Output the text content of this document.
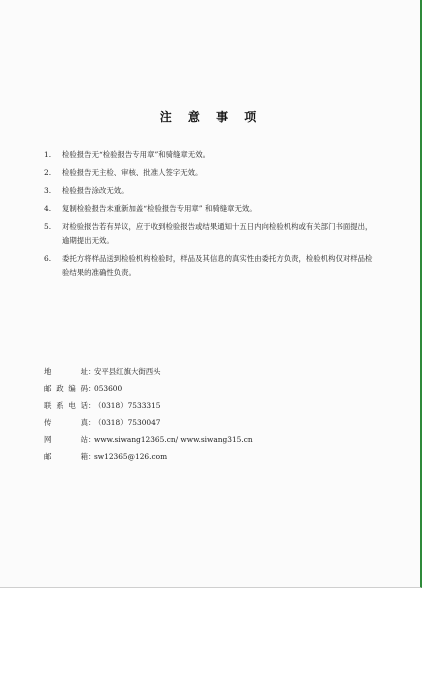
注 意 事 项
1. 检验报告无“检验报告专用章”和骑缝章无效。
2. 检验报告无主检、审核、批准人签字无效。
3. 检验报告涂改无效。
4. 复制检验报告未重新加盖“检验报告专用章” 和骑缝章无效。
5. 对检验报告若有异议，应于收到检验报告或结果通知十五日内向检验机构或有关部门书面提出，逾期提出无效。
6. 委托方将样品送到检验机构检验时，样品及其信息的真实性由委托方负责，检验机构仅对样品检验结果的准确性负责。
地 址 ：
安平县红旗大街西头
邮政编码 ：
053600
联系电话 ：
（0318）7533315
传 真 ：
（0318）7530047
网 站 ：
www.siwang12365.cn/ www.siwang315.cn
邮 箱 ：
sw12365@126.com
